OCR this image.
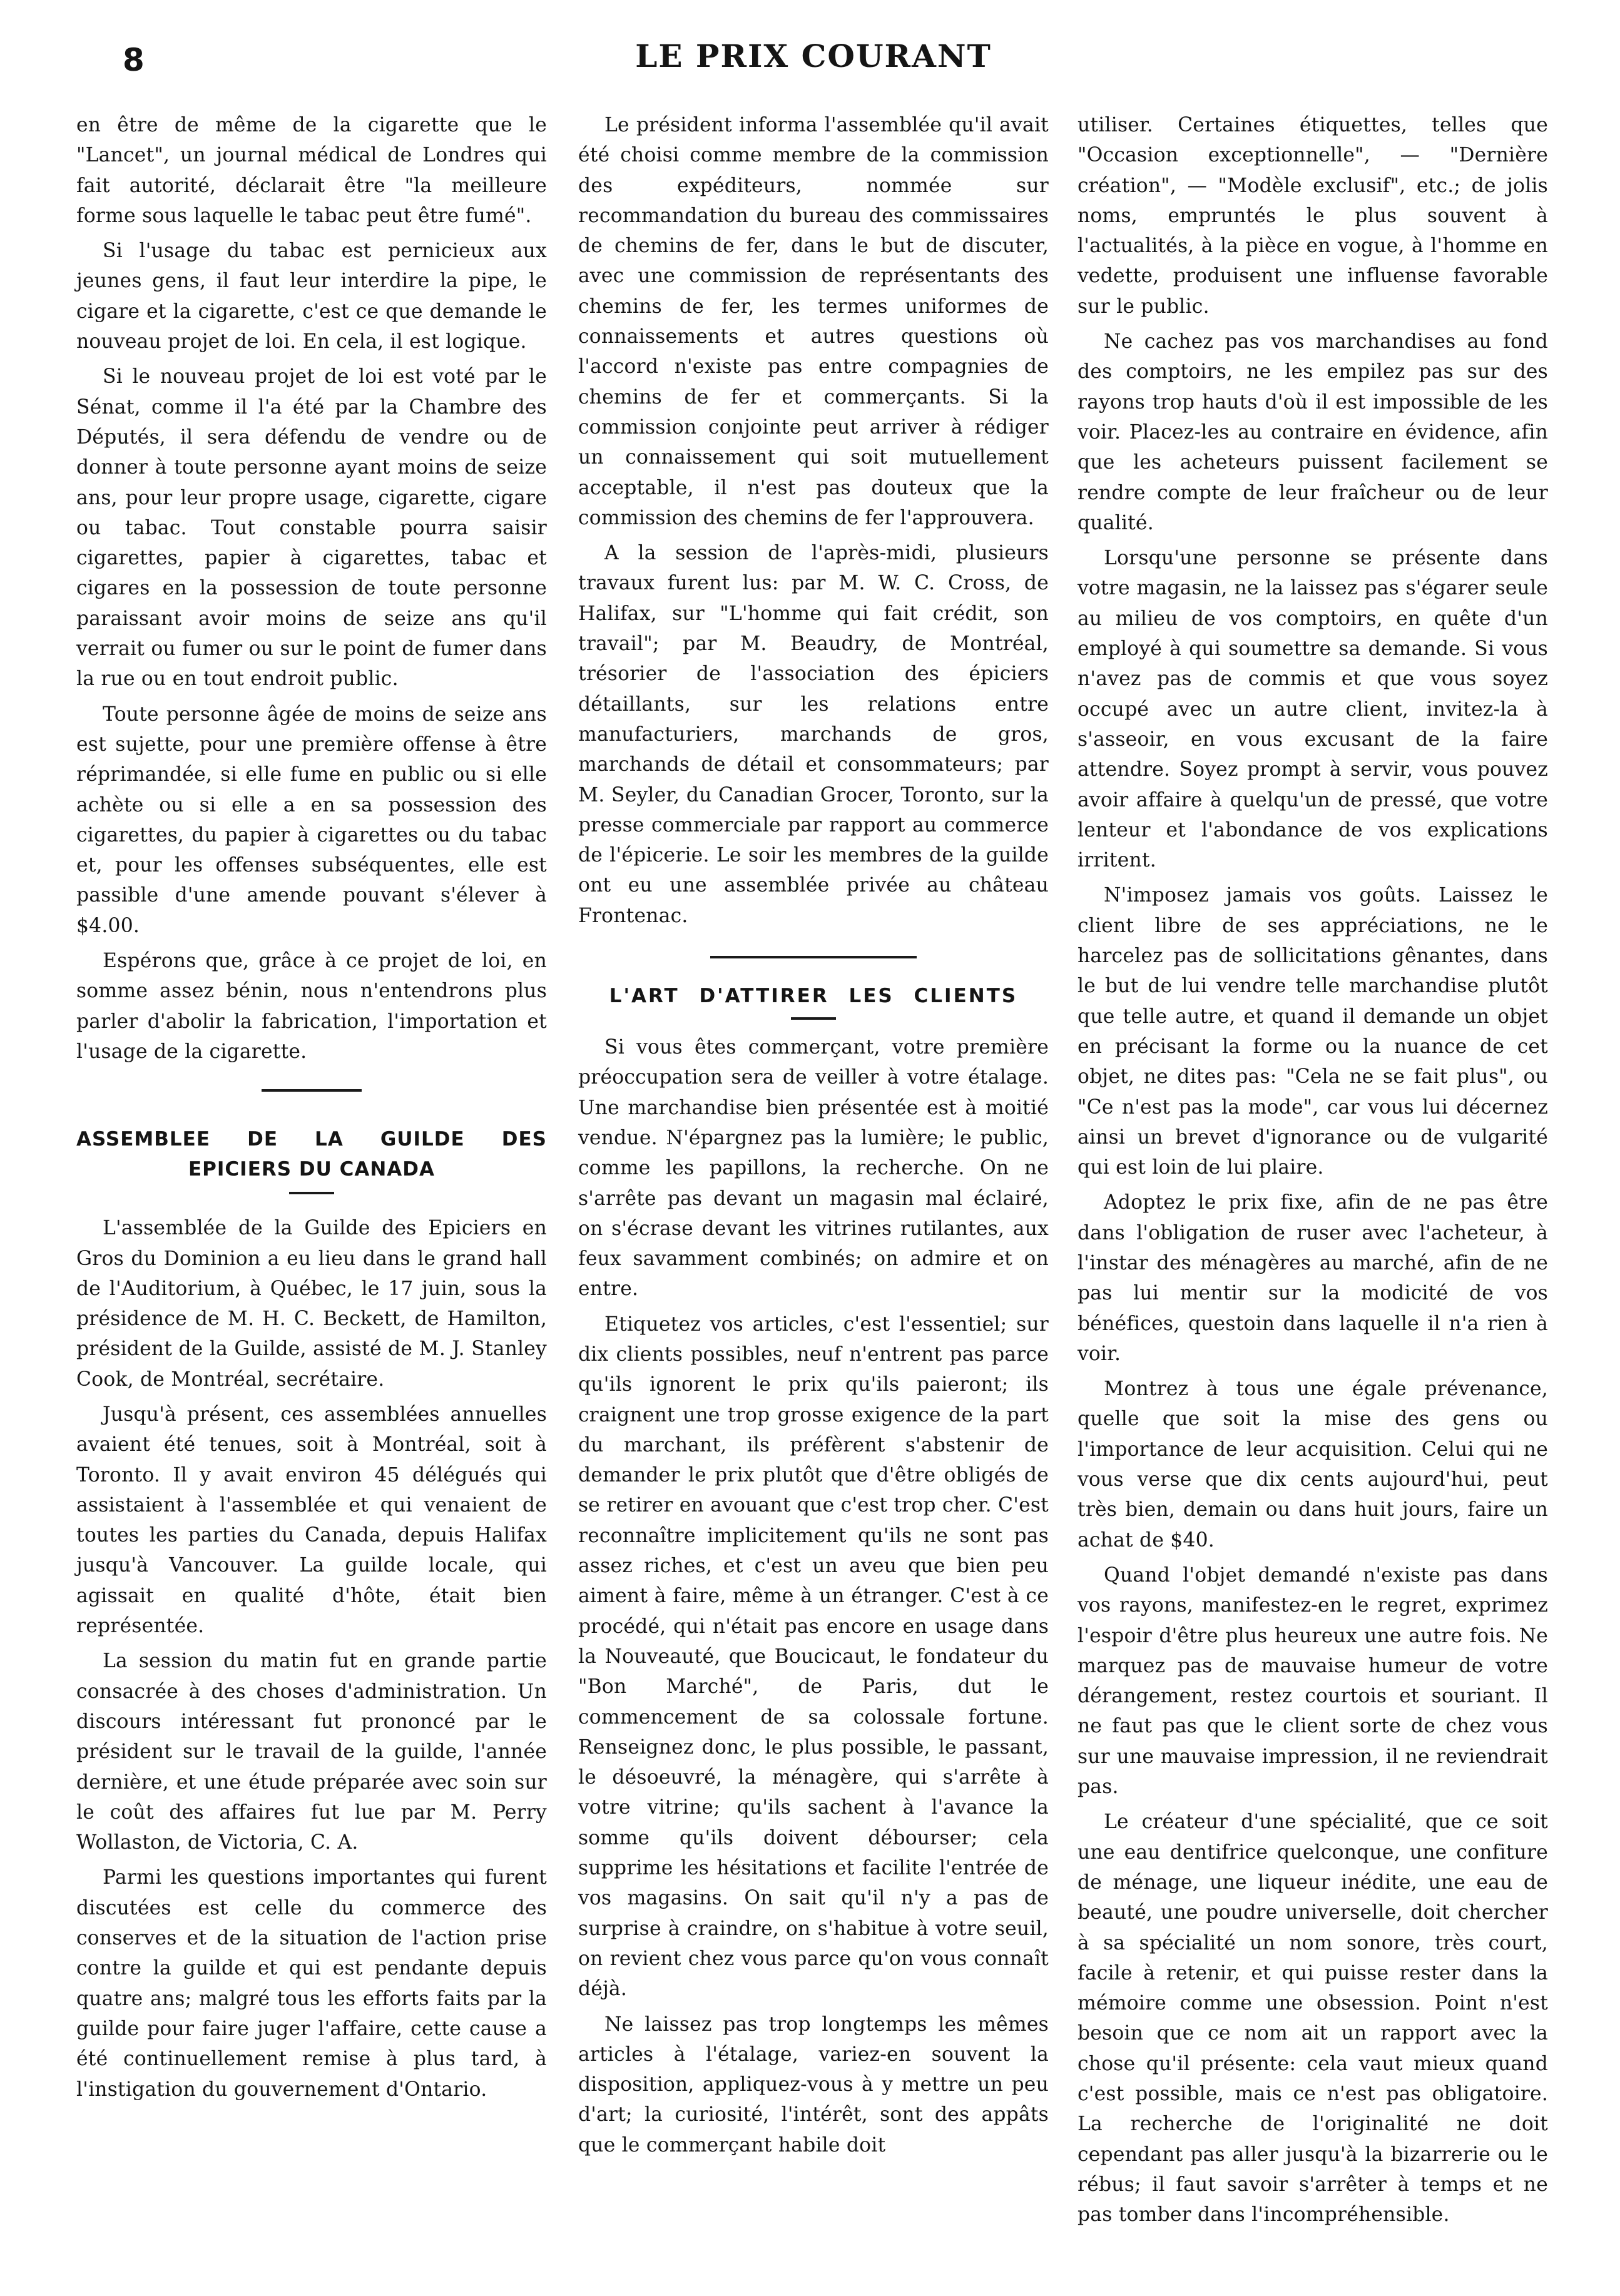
8	LE PRIX COURANT

en être de même de la cigarette que le "Lancet", un journal médical de Londres qui fait autorité, déclarait être "la meilleure forme sous laquelle le tabac peut être fumé".

Si l'usage du tabac est pernicieux aux jeunes gens, il faut leur interdire la pipe, le cigare et la cigarette, c'est ce que demande le nouveau projet de loi. En cela, il est logique.

Si le nouveau projet de loi est voté par le Sénat, comme il l'a été par la Chambre des Députés, il sera défendu de vendre ou de donner à toute personne ayant moins de seize ans, pour leur propre usage, cigarette, cigare ou tabac. Tout constable pourra saisir cigarettes, papier à cigarettes, tabac et cigares en la possession de toute personne paraissant avoir moins de seize ans qu'il verrait ou fumer ou sur le point de fumer dans la rue ou en tout endroit public.

Toute personne âgée de moins de seize ans est sujette, pour une première offense à être réprimandée, si elle fume en public ou si elle achète ou si elle a en sa possession des cigarettes, du papier à cigarettes ou du tabac et, pour les offenses subséquentes, elle est passible d'une amende pouvant s'élever à $4.00.

Espérons que, grâce à ce projet de loi, en somme assez bénin, nous n'entendrons plus parler d'abolir la fabrication, l'importation et l'usage de la cigarette.

ASSEMBLEE DE LA GUILDE DES

EPICIERS DU CANADA

L'assemblée de la Guilde des Epiciers en Gros du Dominion a eu lieu dans le grand hall de l'Auditorium, à Québec, le 17 juin, sous la présidence de M. H. C. Beckett, de Hamilton, président de la Guilde, assisté de M. J. Stanley Cook, de Montréal, secrétaire.

Jusqu'à présent, ces assemblées annuelles avaient été tenues, soit à Montréal, soit à Toronto. Il y avait environ 45 délégués qui assistaient à l'assemblée et qui venaient de toutes les parties du Canada, depuis Halifax jusqu'à Vancouver. La guilde locale, qui agissait en qualité d'hôte, était bien représentée.

La session du matin fut en grande partie consacrée à des choses d'administration. Un discours intéressant fut prononcé par le président sur le travail de la guilde, l'année dernière, et une étude préparée avec soin sur le coût des affaires fut lue par M. Perry Wollaston, de Victoria, C. A.

Parmi les questions importantes qui furent discutées est celle du commerce des conserves et de la situation de l'action prise contre la guilde et qui est pendante depuis quatre ans; malgré tous les efforts faits par la guilde pour faire juger l'affaire, cette cause a été continuellement remise à plus tard, à l'instigation du gouvernement d'Ontario.

Le président informa l'assemblée qu'il avait été choisi comme membre de la commission des expéditeurs, nommée sur recommandation du bureau des commissaires de chemins de fer, dans le but de discuter, avec une commission de représentants des chemins de fer, les termes uniformes de connaissements et autres questions où l'accord n'existe pas entre compagnies de chemins de fer et commerçants. Si la commission conjointe peut arriver à rédiger un connaissement qui soit mutuellement acceptable, il n'est pas douteux que la commission des chemins de fer l'approuvera.

A la session de l'après-midi, plusieurs travaux furent lus: par M. W. C. Cross, de Halifax, sur "L'homme qui fait crédit, son travail"; par M. Beaudry, de Montréal, trésorier de l'association des épiciers détaillants, sur les relations entre manufacturiers, marchands de gros, marchands de détail et consommateurs; par M. Seyler, du Canadian Grocer, Toronto, sur la presse commerciale par rapport au commerce de l'épicerie. Le soir les membres de la guilde ont eu une assemblée privée au château Frontenac.

L'ART D'ATTIRER LES CLIENTS

Si vous êtes commerçant, votre première préoccupation sera de veiller à votre étalage. Une marchandise bien présentée est à moitié vendue. N'épargnez pas la lumière; le public, comme les papillons, la recherche. On ne s'arrête pas devant un magasin mal éclairé, on s'écrase devant les vitrines rutilantes, aux feux savamment combinés; on admire et on entre.

Etiquetez vos articles, c'est l'essentiel; sur dix clients possibles, neuf n'entrent pas parce qu'ils ignorent le prix qu'ils paieront; ils craignent une trop grosse exigence de la part du marchant, ils préfèrent s'abstenir de demander le prix plutôt que d'être obligés de se retirer en avouant que c'est trop cher. C'est reconnaître implicitement qu'ils ne sont pas assez riches, et c'est un aveu que bien peu aiment à faire, même à un étranger. C'est à ce procédé, qui n'était pas encore en usage dans la Nouveauté, que Boucicaut, le fondateur du "Bon Marché", de Paris, dut le commencement de sa colossale fortune. Renseignez donc, le plus possible, le passant, le désoeuvré, la ménagère, qui s'arrête à votre vitrine; qu'ils sachent à l'avance la somme qu'ils doivent débourser; cela supprime les hésitations et facilite l'entrée de vos magasins. On sait qu'il n'y a pas de surprise à craindre, on s'habitue à votre seuil, on revient chez vous parce qu'on vous connaît déjà.

Ne laissez pas trop longtemps les mêmes articles à l'étalage, variez-en souvent la disposition, appliquez-vous à y mettre un peu d'art; la curiosité, l'intérêt, sont des appâts que le commerçant habile doit

utiliser. Certaines étiquettes, telles que "Occasion exceptionnelle", — "Dernière création", — "Modèle exclusif", etc.; de jolis noms, empruntés le plus souvent à l'actualités, à la pièce en vogue, à l'homme en vedette, produisent une influense favorable sur le public.

Ne cachez pas vos marchandises au fond des comptoirs, ne les empilez pas sur des rayons trop hauts d'où il est impossible de les voir. Placez-les au contraire en évidence, afin que les acheteurs puissent facilement se rendre compte de leur fraîcheur ou de leur qualité.

Lorsqu'une personne se présente dans votre magasin, ne la laissez pas s'égarer seule au milieu de vos comptoirs, en quête d'un employé à qui soumettre sa demande. Si vous n'avez pas de commis et que vous soyez occupé avec un autre client, invitez-la à s'asseoir, en vous excusant de la faire attendre. Soyez prompt à servir, vous pouvez avoir affaire à quelqu'un de pressé, que votre lenteur et l'abondance de vos explications irritent.

N'imposez jamais vos goûts. Laissez le client libre de ses appréciations, ne le harcelez pas de sollicitations gênantes, dans le but de lui vendre telle marchandise plutôt que telle autre, et quand il demande un objet en précisant la forme ou la nuance de cet objet, ne dites pas: "Cela ne se fait plus", ou "Ce n'est pas la mode", car vous lui décernez ainsi un brevet d'ignorance ou de vulgarité qui est loin de lui plaire.

Adoptez le prix fixe, afin de ne pas être dans l'obligation de ruser avec l'acheteur, à l'instar des ménagères au marché, afin de ne pas lui mentir sur la modicité de vos bénéfices, questoin dans laquelle il n'a rien à voir.

Montrez à tous une égale prévenance, quelle que soit la mise des gens ou l'importance de leur acquisition. Celui qui ne vous verse que dix cents aujourd'hui, peut très bien, demain ou dans huit jours, faire un achat de $40.

Quand l'objet demandé n'existe pas dans vos rayons, manifestez-en le regret, exprimez l'espoir d'être plus heureux une autre fois. Ne marquez pas de mauvaise humeur de votre dérangement, restez courtois et souriant. Il ne faut pas que le client sorte de chez vous sur une mauvaise impression, il ne reviendrait pas.

Le créateur d'une spécialité, que ce soit une eau dentifrice quelconque, une confiture de ménage, une liqueur inédite, une eau de beauté, une poudre universelle, doit chercher à sa spécialité un nom sonore, très court, facile à retenir, et qui puisse rester dans la mémoire comme une obsession. Point n'est besoin que ce nom ait un rapport avec la chose qu'il présente: cela vaut mieux quand c'est possible, mais ce n'est pas obligatoire. La recherche de l'originalité ne doit cependant pas aller jusqu'à la bizarrerie ou le rébus; il faut savoir s'arrêter à temps et ne pas tomber dans l'incompréhensible.
